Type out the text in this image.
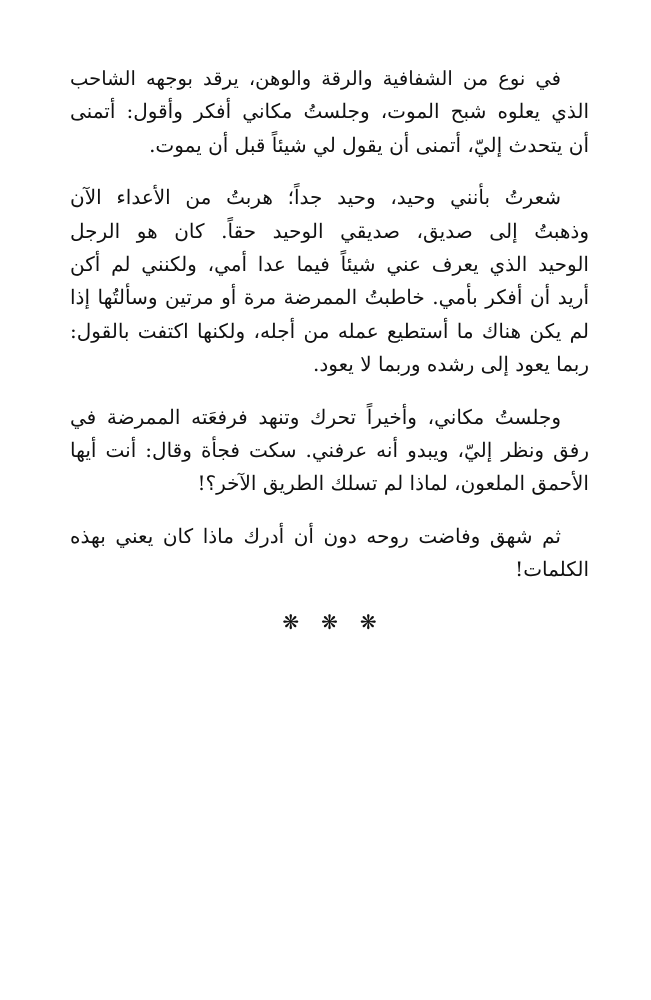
في نوع من الشفافية والرقة والوهن، يرقد بوجهه الشاحب
الذي يعلوه شبح الموت، وجلستُ مكاني أفكر وأقول: أتمنى
أن يتحدث إليّ، أتمنى أن يقول لي شيئاً قبل أن يموت.

شعرتُ بأنني وحيد، وحيد جداً؛ هربتُ من الأعداء الآن
وذهبتُ إلى صديق، صديقي الوحيد حقاً. كان هو الرجل
الوحيد الذي يعرف عني شيئاً فيما عدا أمي، ولكنني لم أكن
أريد أن أفكر بأمي. خاطبتُ الممرضة مرة أو مرتين وسألتُها إذا
لم يكن هناك ما أستطيع عمله من أجله، ولكنها اكتفت بالقول:
ربما يعود إلى رشده وربما لا يعود.

وجلستُ مكاني، وأخيراً تحرك وتنهد فرفعَته الممرضة في
رفق ونظر إليّ، ويبدو أنه عرفني. سكت فجأة وقال: أنت أيها
الأحمق الملعون، لماذا لم تسلك الطريق الآخر؟!

ثم شهق وفاضت روحه دون أن أدرك ماذا كان يعني بهذه
الكلمات!

❋❋❋
